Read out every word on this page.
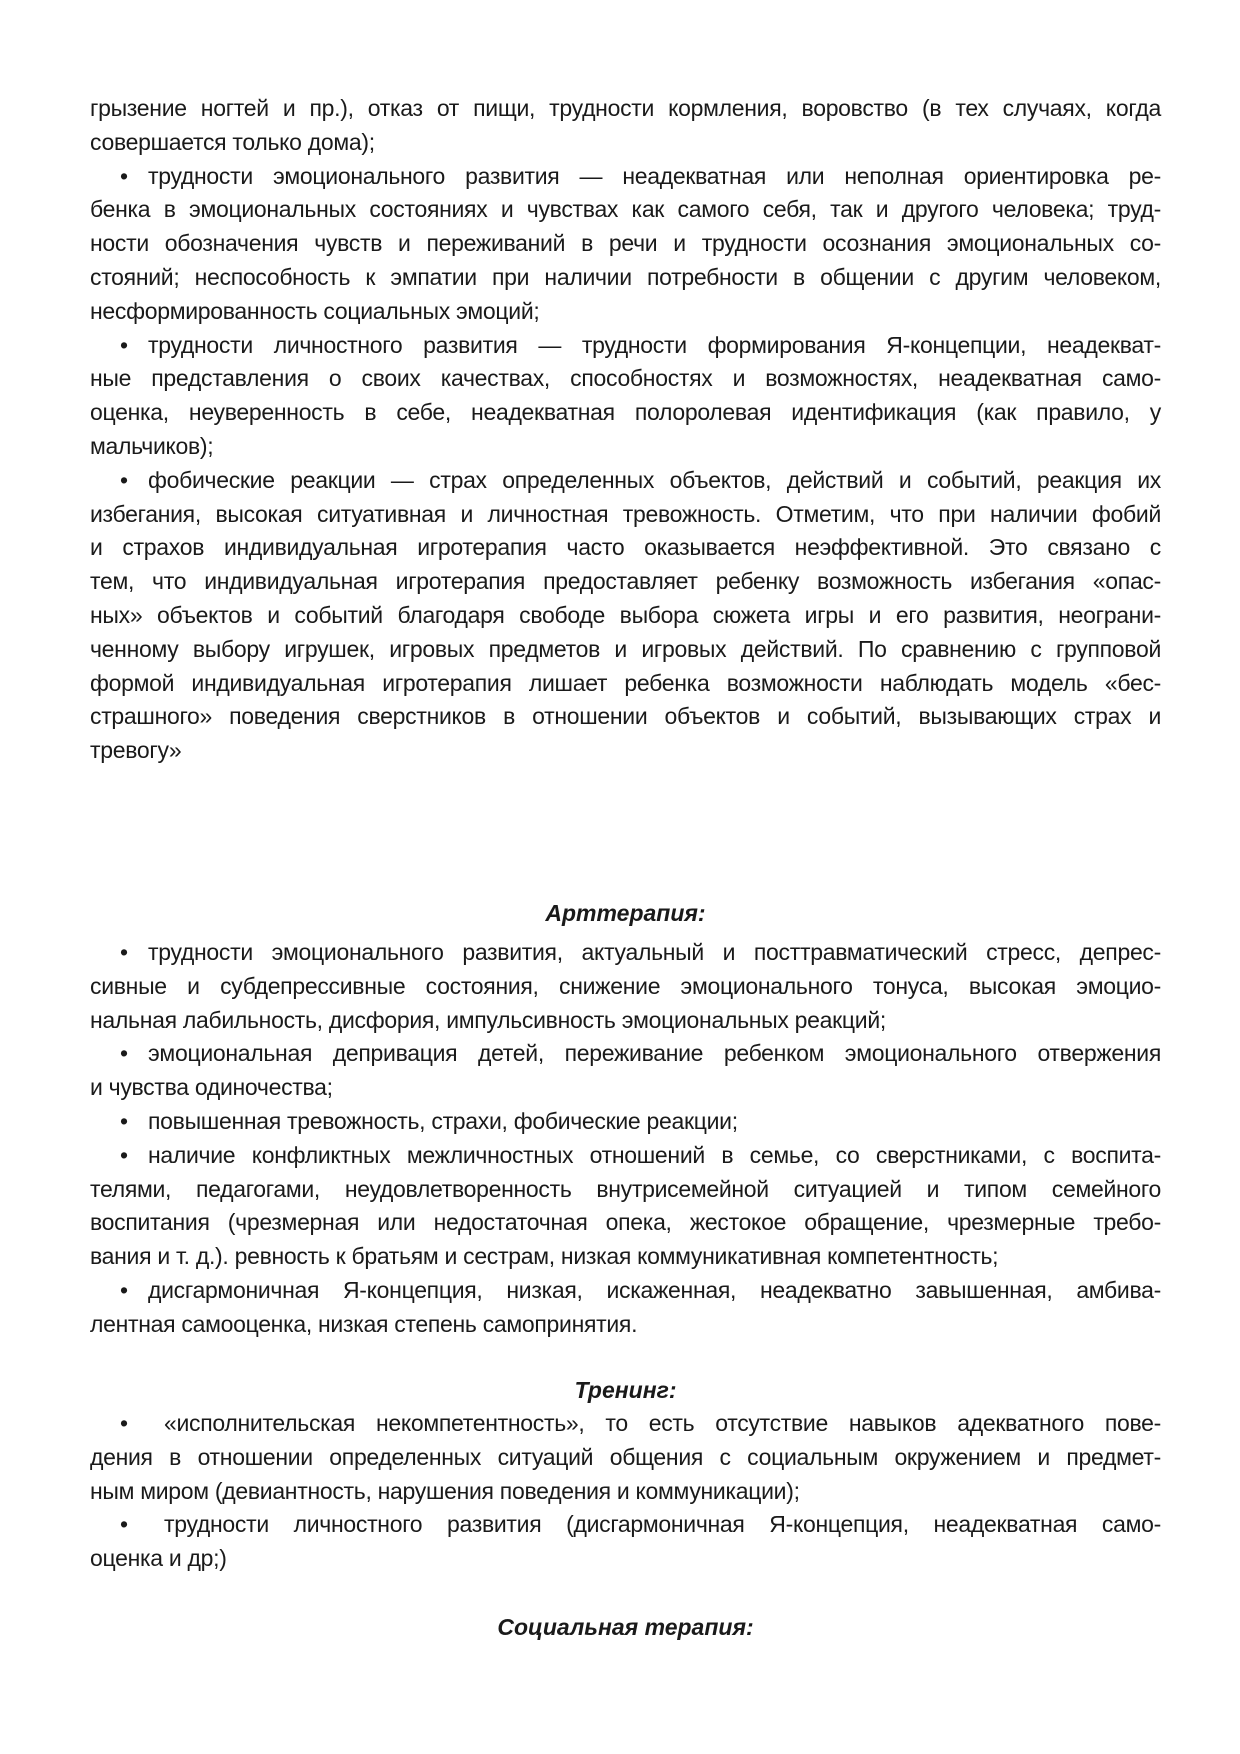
грызение ногтей и пр.), отказ от пищи, трудности кормления, воровство (в тех случаях, когда
совершается только дома);
• трудности эмоционального развития — неадекватная или неполная ориентировка ре-
бенка в эмоциональных состояниях и чувствах как самого себя, так и другого человека; труд-
ности обозначения чувств и переживаний в речи и трудности осознания эмоциональных со-
стояний; неспособность к эмпатии при наличии потребности в общении с другим человеком,
несформированность социальных эмоций;
• трудности личностного развития — трудности формирования Я-концепции, неадекват-
ные представления о своих качествах, способностях и возможностях, неадекватная само-
оценка, неуверенность в себе, неадекватная полоролевая идентификация (как правило, у
мальчиков);
• фобические реакции — страх определенных объектов, действий и событий, реакция их
избегания, высокая ситуативная и личностная тревожность. Отметим, что при наличии фобий
и страхов индивидуальная игротерапия часто оказывается неэффективной. Это связано с
тем, что индивидуальная игротерапия предоставляет ребенку возможность избегания «опас-
ных» объектов и событий благодаря свободе выбора сюжета игры и его развития, неограни-
ченному выбору игрушек, игровых предметов и игровых действий. По сравнению с групповой
формой индивидуальная игротерапия лишает ребенка возможности наблюдать модель «бес-
страшного» поведения сверстников в отношении объектов и событий, вызывающих страх и
тревогу»
Арттерапия:
• трудности эмоционального развития, актуальный и посттравматический стресс, депрес-
сивные и субдепрессивные состояния, снижение эмоционального тонуса, высокая эмоцио-
нальная лабильность, дисфория, импульсивность эмоциональных реакций;
• эмоциональная депривация детей, переживание ребенком эмоционального отвержения
и чувства одиночества;
• повышенная тревожность, страхи, фобические реакции;
• наличие конфликтных межличностных отношений в семье, со сверстниками, с воспита-
телями, педагогами, неудовлетворенность внутрисемейной ситуацией и типом семейного
воспитания (чрезмерная или недостаточная опека, жестокое обращение, чрезмерные требо-
вания и т. д.). ревность к братьям и сестрам, низкая коммуникативная компетентность;
• дисгармоничная Я-концепция, низкая, искаженная, неадекватно завышенная, амбива-
лентная самооценка, низкая степень самопринятия.
Тренинг:
• «исполнительская некомпетентность», то есть отсутствие навыков адекватного пове-
дения в отношении определенных ситуаций общения с социальным окружением и предмет-
ным миром (девиантность, нарушения поведения и коммуникации);
• трудности личностного развития (дисгармоничная Я-концепция, неадекватная само-
оценка и др;)
Социальная терапия:
